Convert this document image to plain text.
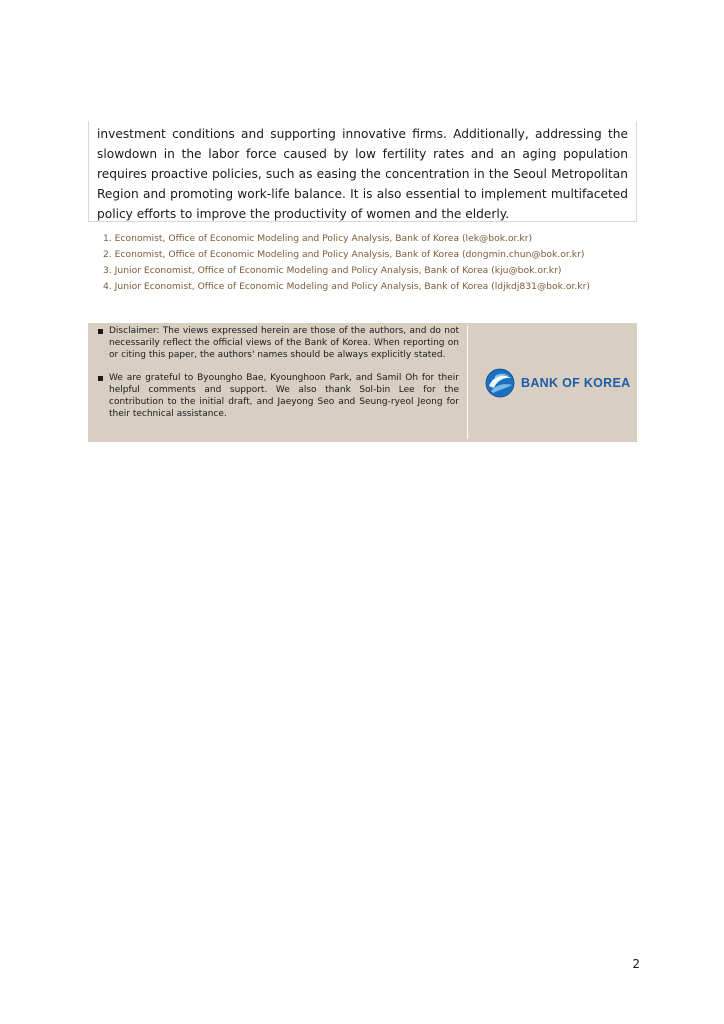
investment conditions and supporting innovative firms. Additionally, addressing the slowdown in the labor force caused by low fertility rates and an aging population requires proactive policies, such as easing the concentration in the Seoul Metropolitan Region and promoting work-life balance. It is also essential to implement multifaceted policy efforts to improve the productivity of women and the elderly.

1. Economist, Office of Economic Modeling and Policy Analysis, Bank of Korea (lek@bok.or.kr)
2. Economist, Office of Economic Modeling and Policy Analysis, Bank of Korea (dongmin.chun@bok.or.kr)
3. Junior Economist, Office of Economic Modeling and Policy Analysis, Bank of Korea (kju@bok.or.kr)
4. Junior Economist, Office of Economic Modeling and Policy Analysis, Bank of Korea (ldjkdj831@bok.or.kr)
Disclaimer: The views expressed herein are those of the authors, and do not necessarily reflect the official views of the Bank of Korea. When reporting on or citing this paper, the authors' names should be always explicitly stated.
We are grateful to Byoungho Bae, Kyounghoon Park, and Samil Oh for their helpful comments and support. We also thank Sol-bin Lee for the contribution to the initial draft, and Jaeyong Seo and Seung-ryeol Jeong for their technical assistance.
BANK OF KOREA
2
